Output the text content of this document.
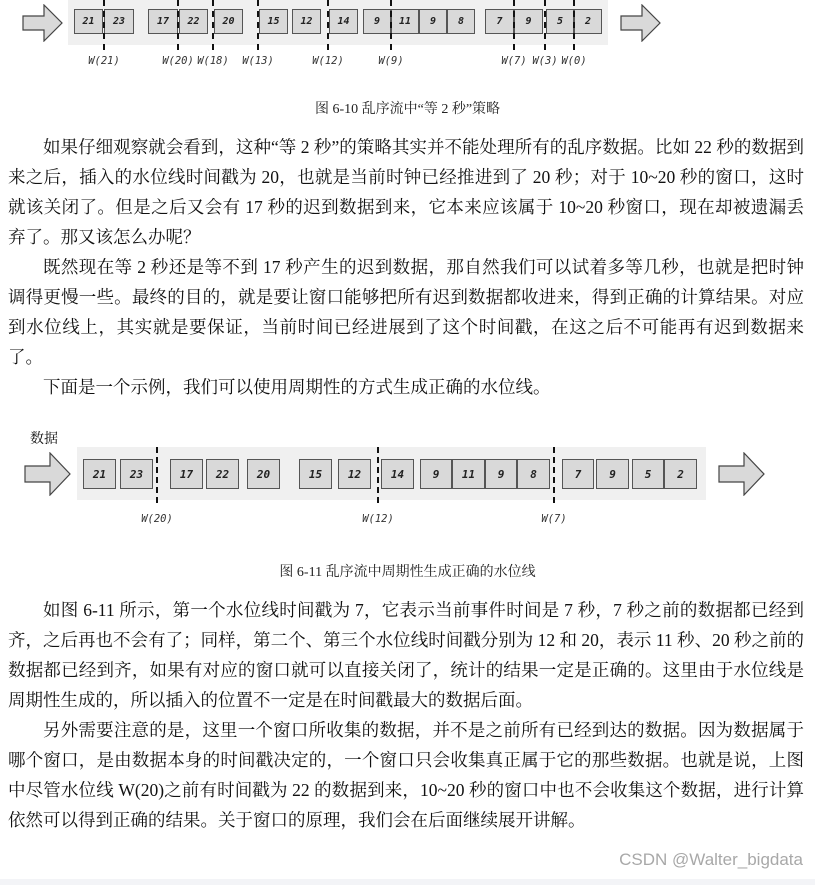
21	23	17	22	20	15	12	14	9	11	9	8	7	9	5	2
W(21)	W(20) W(18) W(13)	W(12)	W(9)	W(7) W(3) W(0)
图 6-10 乱序流中“等 2 秒”策略

如果仔细观察就会看到，这种“等 2 秒”的策略其实并不能处理所有的乱序数据。比如 22 秒的数据到来之后，插入的水位线时间戳为 20，也就是当前时钟已经推进到了 20 秒；对于 10~20 秒的窗口，这时就该关闭了。但是之后又会有 17 秒的迟到数据到来，它本来应该属于 10~20 秒窗口，现在却被遗漏丢弃了。那又该怎么办呢？

既然现在等 2 秒还是等不到 17 秒产生的迟到数据，那自然我们可以试着多等几秒，也就是把时钟调得更慢一些。最终的目的，就是要让窗口能够把所有迟到数据都收进来，得到正确的计算结果。对应到水位线上，其实就是要保证，当前时间已经进展到了这个时间戳，在这之后不可能再有迟到数据来了。

下面是一个示例，我们可以使用周期性的方式生成正确的水位线。

数据
21	23	17	22	20	15	12	14	9	11	9	8	7	9	5	2
W(20)	W(12)	W(7)
图 6-11 乱序流中周期性生成正确的水位线

如图 6-11 所示，第一个水位线时间戳为 7，它表示当前事件时间是 7 秒，7 秒之前的数据都已经到齐，之后再也不会有了；同样，第二个、第三个水位线时间戳分别为 12 和 20，表示 11 秒、20 秒之前的数据都已经到齐，如果有对应的窗口就可以直接关闭了，统计的结果一定是正确的。这里由于水位线是周期性生成的，所以插入的位置不一定是在时间戳最大的数据后面。

另外需要注意的是，这里一个窗口所收集的数据，并不是之前所有已经到达的数据。因为数据属于哪个窗口，是由数据本身的时间戳决定的，一个窗口只会收集真正属于它的那些数据。也就是说，上图中尽管水位线 W(20)之前有时间戳为 22 的数据到来，10~20 秒的窗口中也不会收集这个数据，进行计算依然可以得到正确的结果。关于窗口的原理，我们会在后面继续展开讲解。

CSDN @Walter_bigdata
